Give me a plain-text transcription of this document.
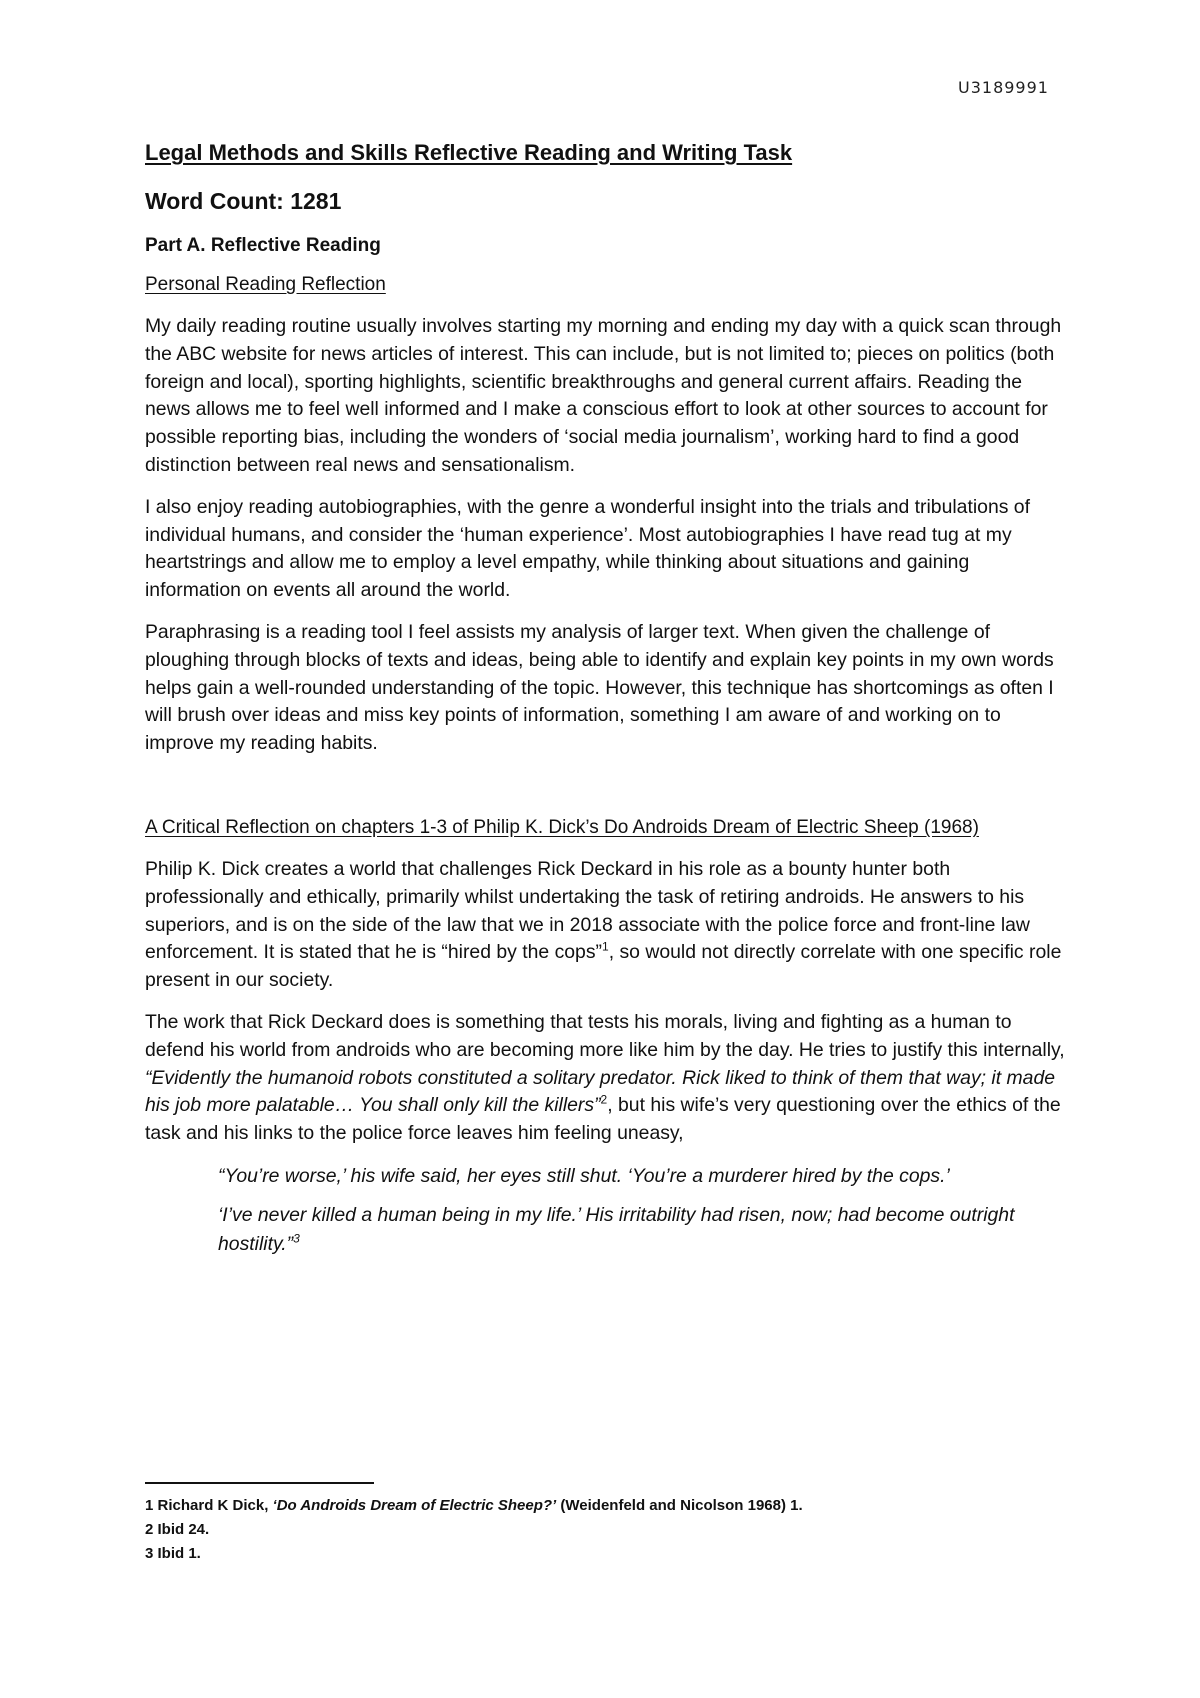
U3189991
Legal Methods and Skills Reflective Reading and Writing Task
Word Count: 1281
Part A. Reflective Reading
Personal Reading Reflection

My daily reading routine usually involves starting my morning and ending my day with a quick scan through the ABC website for news articles of interest. This can include, but is not limited to; pieces on politics (both foreign and local), sporting highlights, scientific breakthroughs and general current affairs. Reading the news allows me to feel well informed and I make a conscious effort to look at other sources to account for possible reporting bias, including the wonders of ‘social media journalism’, working hard to find a good distinction between real news and sensationalism.

I also enjoy reading autobiographies, with the genre a wonderful insight into the trials and tribulations of individual humans, and consider the ‘human experience’. Most autobiographies I have read tug at my heartstrings and allow me to employ a level empathy, while thinking about situations and gaining information on events all around the world.

Paraphrasing is a reading tool I feel assists my analysis of larger text. When given the challenge of ploughing through blocks of texts and ideas, being able to identify and explain key points in my own words helps gain a well-rounded understanding of the topic. However, this technique has shortcomings as often I will brush over ideas and miss key points of information, something I am aware of and working on to improve my reading habits.

A Critical Reflection on chapters 1-3 of Philip K. Dick’s Do Androids Dream of Electric Sheep (1968)

Philip K. Dick creates a world that challenges Rick Deckard in his role as a bounty hunter both professionally and ethically, primarily whilst undertaking the task of retiring androids. He answers to his superiors, and is on the side of the law that we in 2018 associate with the police force and front-line law enforcement. It is stated that he is “hired by the cops”$^1$, so would not directly correlate with one specific role present in our society.

The work that Rick Deckard does is something that tests his morals, living and fighting as a human to defend his world from androids who are becoming more like him by the day. He tries to justify this internally, “Evidently the humanoid robots constituted a solitary predator. Rick liked to think of them that way; it made his job more palatable… You shall only kill the killers”$^2$, but his wife’s very questioning over the ethics of the task and his links to the police force leaves him feeling uneasy,

“You’re worse,’ his wife said, her eyes still shut. ‘You’re a murderer hired by the cops.’
‘I’ve never killed a human being in my life.’ His irritability had risen, now; had become outright hostility.”$^3$
1 Richard K Dick, ‘Do Androids Dream of Electric Sheep?’ (Weidenfeld and Nicolson 1968) 1.
2 Ibid 24.
3 Ibid 1.
